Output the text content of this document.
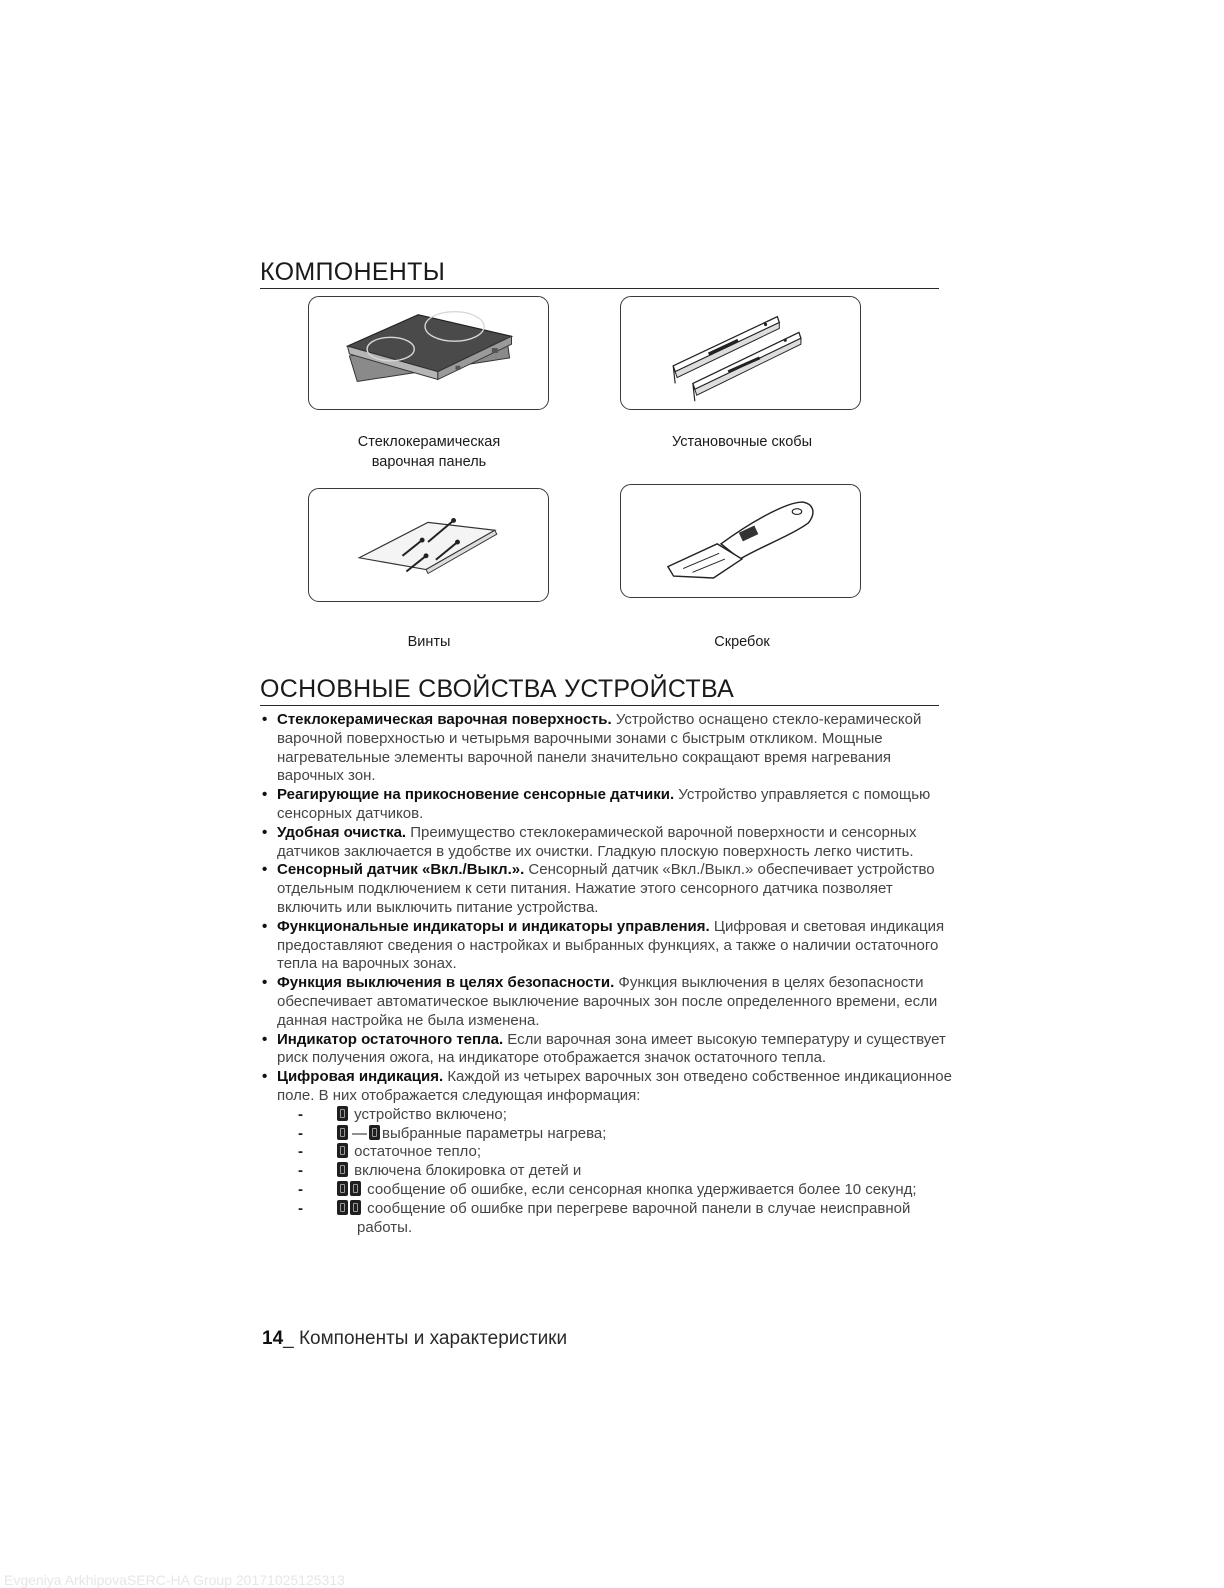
КОМПОНЕНТЫ
Стеклокерамическая
варочная панель
Установочные скобы
Винты	Скребок
ОСНОВНЫЕ СВОЙСТВА УСТРОЙСТВА
• Стеклокерамическая варочная поверхность. Устройство оснащено стекло-керамической варочной поверхностью и четырьмя варочными зонами с быстрым откликом. Мощные нагревательные элементы варочной панели значительно сокращают время нагревания варочных зон.
• Реагирующие на прикосновение сенсорные датчики. Устройство управляется с помощью сенсорных датчиков.
• Удобная очистка. Преимущество стеклокерамической варочной поверхности и сенсорных датчиков заключается в удобстве их очистки. Гладкую плоскую поверхность легко чистить.
• Сенсорный датчик «Вкл./Выкл.». Сенсорный датчик «Вкл./Выкл.» обеспечивает устройство отдельным подключением к сети питания. Нажатие этого сенсорного датчика позволяет включить или выключить питание устройства.
• Функциональные индикаторы и индикаторы управления. Цифровая и световая индикация предоставляют сведения о настройках и выбранных функциях, а также о наличии остаточного тепла на варочных зонах.
• Функция выключения в целях безопасности. Функция выключения в целях безопасности обеспечивает автоматическое выключение варочных зон после определенного времени, если данная настройка не была изменена.
• Индикатор остаточного тепла. Если варочная зона имеет высокую температуру и существует риск получения ожога, на индикаторе отображается значок остаточного тепла.
• Цифровая индикация. Каждой из четырех варочных зон отведено собственное индикационное поле. В них отображается следующая информация:
- устройство включено;
- — выбранные параметры нагрева;
- остаточное тепло;
- включена блокировка от детей и
- сообщение об ошибке, если сенсорная кнопка удерживается более 10 секунд;
- сообщение об ошибке при перегреве варочной панели в случае неисправной работы.
14_ Компоненты и характеристики
Evgeniya ArkhipovaSERC-HA Group 20171025125313
